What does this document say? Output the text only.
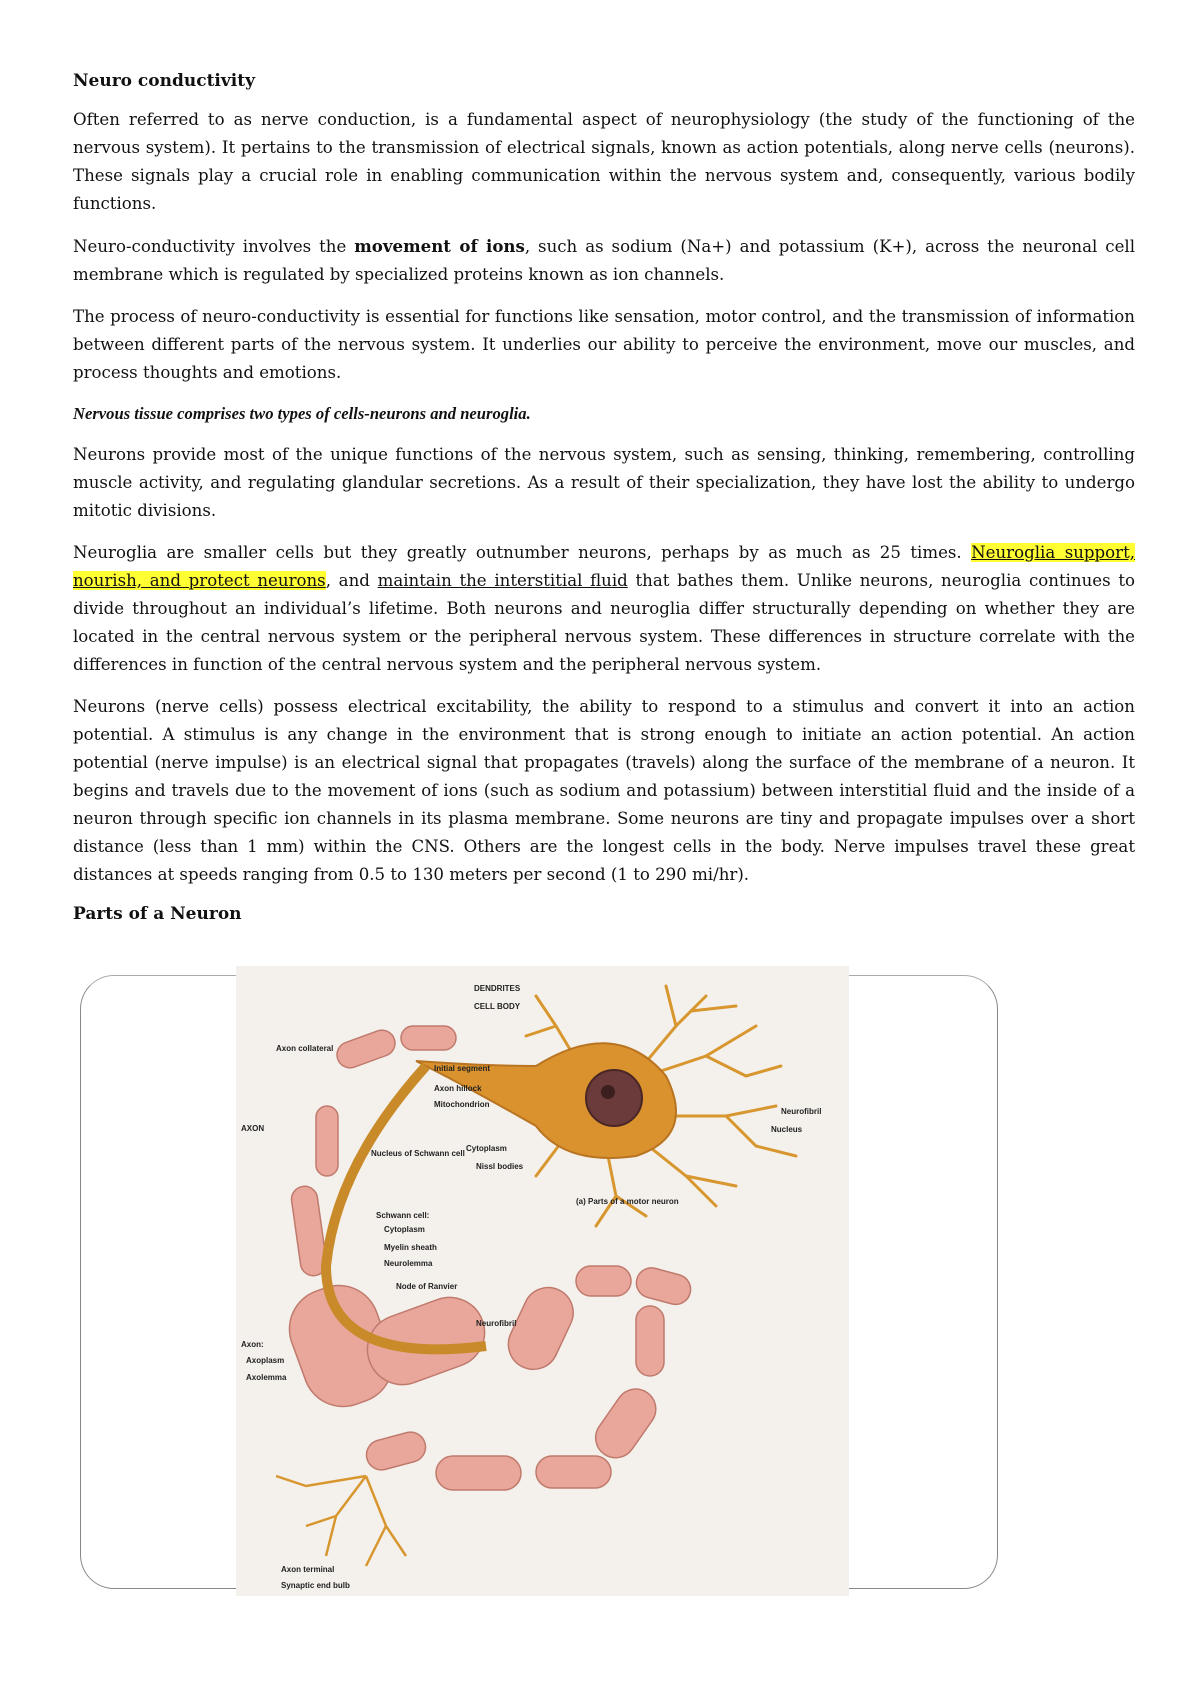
Neuro conductivity

Often referred to as nerve conduction, is a fundamental aspect of neurophysiology (the study of the functioning of the nervous system). It pertains to the transmission of electrical signals, known as action potentials, along nerve cells (neurons). These signals play a crucial role in enabling communication within the nervous system and, consequently, various bodily functions.

Neuro-conductivity involves the movement of ions, such as sodium (Na+) and potassium (K+), across the neuronal cell membrane which is regulated by specialized proteins known as ion channels.

The process of neuro-conductivity is essential for functions like sensation, motor control, and the transmission of information between different parts of the nervous system. It underlies our ability to perceive the environment, move our muscles, and process thoughts and emotions.

Nervous tissue comprises two types of cells-neurons and neuroglia.

Neurons provide most of the unique functions of the nervous system, such as sensing, thinking, remembering, controlling muscle activity, and regulating glandular secretions. As a result of their specialization, they have lost the ability to undergo mitotic divisions.

Neuroglia are smaller cells but they greatly outnumber neurons, perhaps by as much as 25 times. Neuroglia support, nourish, and protect neurons, and maintain the interstitial fluid that bathes them. Unlike neurons, neuroglia continues to divide throughout an individual’s lifetime. Both neurons and neuroglia differ structurally depending on whether they are located in the central nervous system or the peripheral nervous system. These differences in structure correlate with the differences in function of the central nervous system and the peripheral nervous system.

Neurons (nerve cells) possess electrical excitability, the ability to respond to a stimulus and convert it into an action potential. A stimulus is any change in the environment that is strong enough to initiate an action potential. An action potential (nerve impulse) is an electrical signal that propagates (travels) along the surface of the membrane of a neuron. It begins and travels due to the movement of ions (such as sodium and potassium) between interstitial fluid and the inside of a neuron through specific ion channels in its plasma membrane. Some neurons are tiny and propagate impulses over a short distance (less than 1 mm) within the CNS. Others are the longest cells in the body. Nerve impulses travel these great distances at speeds ranging from 0.5 to 130 meters per second (1 to 290 mi/hr).

Parts of a Neuron
DENDRITES
CELL BODY
Axon collateral
Initial segment
Axon hillock
Mitochondrion
Neurofibril
Nucleus
AXON
Nucleus of Schwann cell
Cytoplasm
Nissl bodies
(a) Parts of a motor neuron
Schwann cell:
Cytoplasm
Myelin sheath
Neurolemma
Node of Ranvier
Neurofibril
Axon:
Axoplasm
Axolemma
Axon terminal
Synaptic end bulb
